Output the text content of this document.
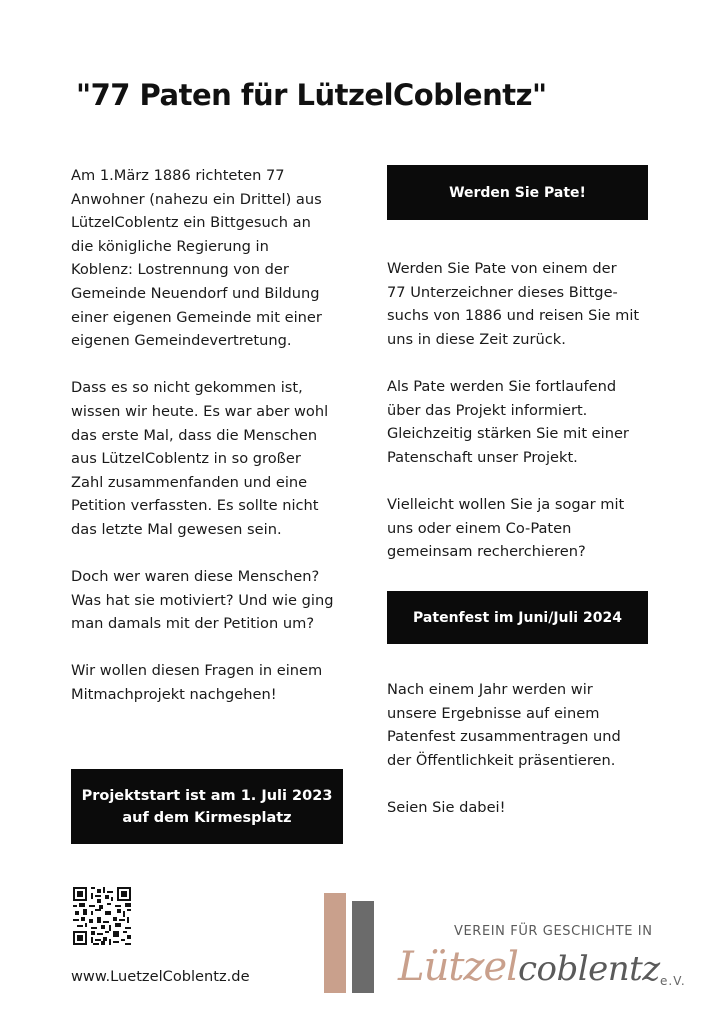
"77 Paten für LützelCoblentz"
Am 1.März 1886 richteten 77
Anwohner (nahezu ein Drittel) aus
LützelCoblentz ein Bittgesuch an
die königliche Regierung in
Koblenz: Lostrennung von der
Gemeinde Neuendorf und Bildung
einer eigenen Gemeinde mit einer
eigenen Gemeindevertretung.
Dass es so nicht gekommen ist,
wissen wir heute. Es war aber wohl
das erste Mal, dass die Menschen
aus LützelCoblentz in so großer
Zahl zusammenfanden und eine
Petition verfassten. Es sollte nicht
das letzte Mal gewesen sein.
Doch wer waren diese Menschen?
Was hat sie motiviert? Und wie ging
man damals mit der Petition um?
Wir wollen diesen Fragen in einem
Mitmachprojekt nachgehen!
Projektstart ist am 1. Juli 2023
auf dem Kirmesplatz
Werden Sie Pate!
Werden Sie Pate von einem der
77 Unterzeichner dieses Bittge-
suchs von 1886 und reisen Sie mit
uns in diese Zeit zurück.
Als Pate werden Sie fortlaufend
über das Projekt informiert.
Gleichzeitig stärken Sie mit einer
Patenschaft unser Projekt.
Vielleicht wollen Sie ja sogar mit
uns oder einem Co-Paten
gemeinsam recherchieren?
Patenfest im Juni/Juli 2024
Nach einem Jahr werden wir
unsere Ergebnisse auf einem
Patenfest zusammentragen und
der Öffentlichkeit präsentieren.
Seien Sie dabei!
www.LuetzelCoblentz.de
VEREIN FÜR GESCHICHTE IN
Lützelcoblentz e.V.
